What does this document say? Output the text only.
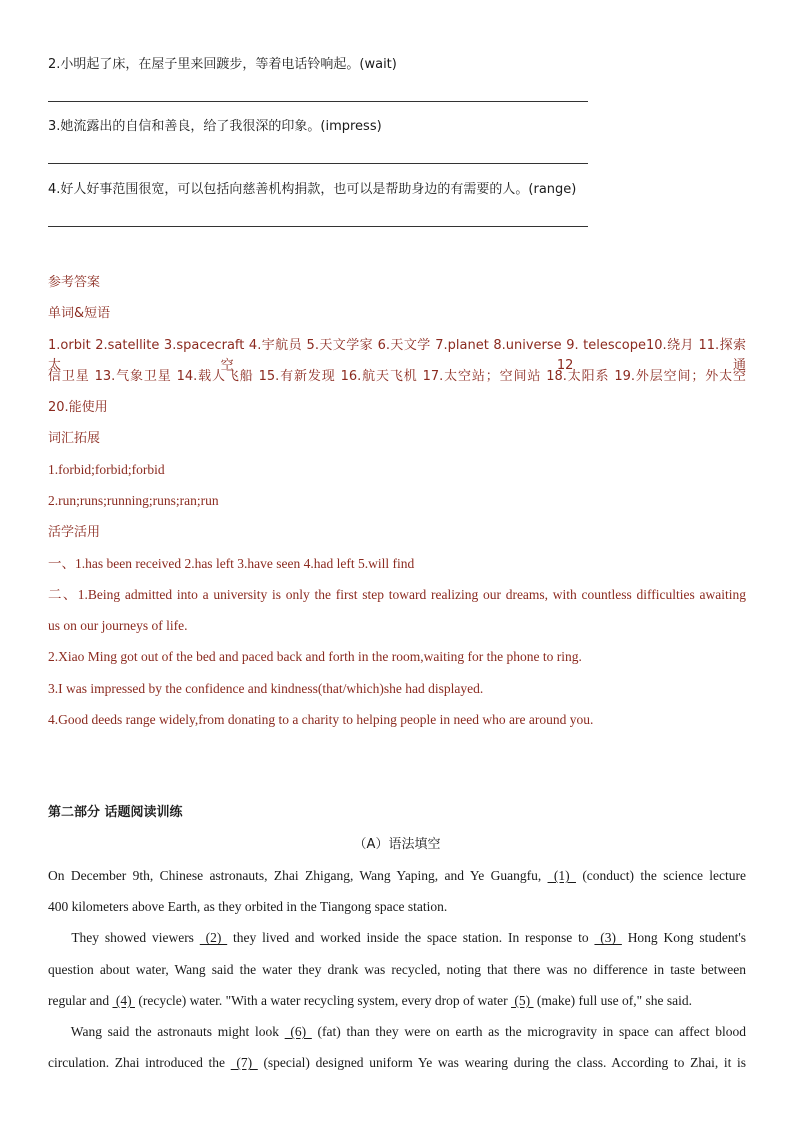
2.小明起了床，在屋子里来回踱步，等着电话铃响起。(wait)
3.她流露出的自信和善良，给了我很深的印象。(impress)
4.好人好事范围很宽，可以包括向慈善机构捐款，也可以是帮助身边的有需要的人。(range)
参考答案
单词&短语
1.orbit 2.satellite 3.spacecraft 4.宇航员 5.天文学家 6.天文学 7.planet 8.universe 9. telescope10.绕月 11.探索太空 12通
信卫星 13.气象卫星 14.载人飞船 15.有新发现 16.航天飞机 17.太空站；空间站 18.太阳系 19.外层空间；外太空
20.能使用
词汇拓展
1.forbid;forbid;forbid
2.run;runs;running;runs;ran;run
活学活用
一、1.has been received 2.has left 3.have seen 4.had left 5.will find
二、1.Being admitted into a university is only the first step toward realizing our dreams, with countless difficulties awaiting
us on our journeys of life.
2.Xiao Ming got out of the bed and paced back and forth in the room,waiting for the phone to ring.
3.I was impressed by the confidence and kindness(that/which)she had displayed.
4.Good deeds range widely,from donating to a charity to helping people in need who are around you.
第二部分 话题阅读训练
（A）语法填空
On December 9th, Chinese astronauts, Zhai Zhigang, Wang Yaping, and Ye Guangfu,  (1)  (conduct) the science lecture
400 kilometers above Earth, as they orbited in the Tiangong space station.
They showed viewers  (2)  they lived and worked inside the space station. In response to  (3)  Hong Kong student's
question about water, Wang said the water they drank was recycled, noting that there was no difference in taste between
regular and  (4)  (recycle) water. "With a water recycling system, every drop of water  (5)  (make) full use of," she said.
Wang said the astronauts might look  (6)  (fat) than they were on earth as the microgravity in space can affect blood
circulation. Zhai introduced the  (7)  (special) designed uniform Ye was wearing during the class. According to Zhai, it is
